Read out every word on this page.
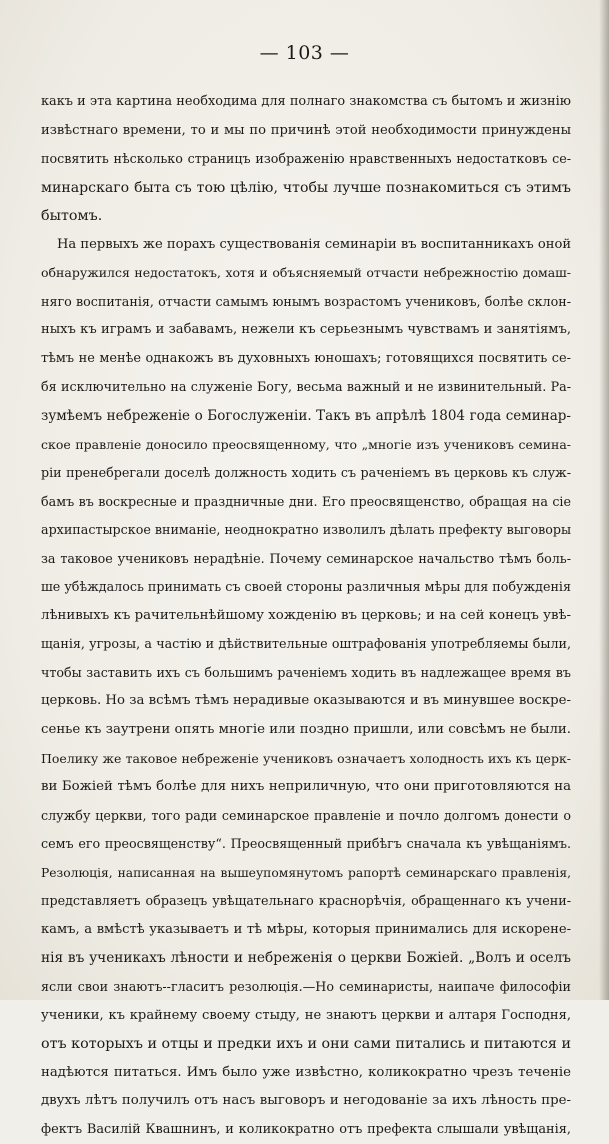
— 103 —
какъ и эта картина необходима для полнаго знакомства съ бытомъ и жизнію
извѣстнаго времени, то и мы по причинѣ этой необходимости принуждены
посвятить нѣсколько страницъ изображенію нравственныхъ недостатковъ се-
минарскаго быта съ тою цѣлію, чтобы лучше познакомиться съ этимъ
бытомъ.
На первыхъ же порахъ существованія семинаріи въ воспитанникахъ оной
обнаружился недостатокъ, хотя и объясняемый отчасти небрежностію домаш-
няго воспитанія, отчасти самымъ юнымъ возрастомъ учениковъ, болѣе склон-
ныхъ къ играмъ и забавамъ, нежели къ серьезнымъ чувствамъ и занятіямъ,
тѣмъ не менѣе однакожъ въ духовныхъ юношахъ; готовящихся посвятить се-
бя исключительно на служеніе Богу, весьма важный и не извинительный. Ра-
зумѣемъ небреженіе о Богослуженіи. Такъ въ апрѣлѣ 1804 года семинар-
ское правленіе доносило преосвященному, что „многіе изъ учениковъ семина-
ріи пренебрегали доселѣ должность ходить съ раченіемъ въ церковь къ служ-
бамъ въ воскресные и праздничные дни. Его преосвященство, обращая на сіе
архипастырское вниманіе, неоднократно изволилъ дѣлать префекту выговоры
за таковое учениковъ нерадѣніе. Почему семинарское начальство тѣмъ боль-
ше убѣждалось принимать съ своей стороны различныя мѣры для побужденія
лѣнивыхъ къ рачительнѣйшому хожденію въ церковь; и на сей конецъ увѣ-
щанія, угрозы, а частію и дѣйствительные оштрафованія употребляемы были,
чтобы заставить ихъ съ большимъ раченіемъ ходить въ надлежащее время въ
церковь. Но за всѣмъ тѣмъ нерадивые оказываются и въ минувшее воскре-
сенье къ заутрени опять многіе или поздно пришли, или совсѣмъ не были.
Поелику же таковое небреженіе учениковъ означаетъ холодность ихъ къ церк-
ви Божіей тѣмъ болѣе для нихъ неприличную, что они приготовляются на
службу церкви, того ради семинарское правленіе и почло долгомъ донести о
семъ его преосвященству“. Преосвященный прибѣгъ сначала къ увѣщаніямъ.
Резолюція, написанная на вышеупомянутомъ рапортѣ семинарскаго правленія,
представляетъ образецъ увѣщательнаго краснорѣчія, обращеннаго къ учени-
камъ, а вмѣстѣ указываетъ и тѣ мѣры, которыя принимались для искорене-
нія въ ученикахъ лѣности и небреженія о церкви Божіей. „Волъ и оселъ
ясли свои знаютъ--гласитъ резолюція.—Но семинаристы, наипаче философіи
ученики, къ крайнему своему стыду, не знаютъ церкви и алтаря Господня,
отъ которыхъ и отцы и предки ихъ и они сами питались и питаются и
надѣются питаться. Имъ было уже извѣстно, коликократно чрезъ теченіе
двухъ лѣтъ получилъ отъ насъ выговоръ и негодованіе за ихъ лѣность пре-
фектъ Василій Квашнинъ, и коликократно отъ префекта слышали увѣщанія,
